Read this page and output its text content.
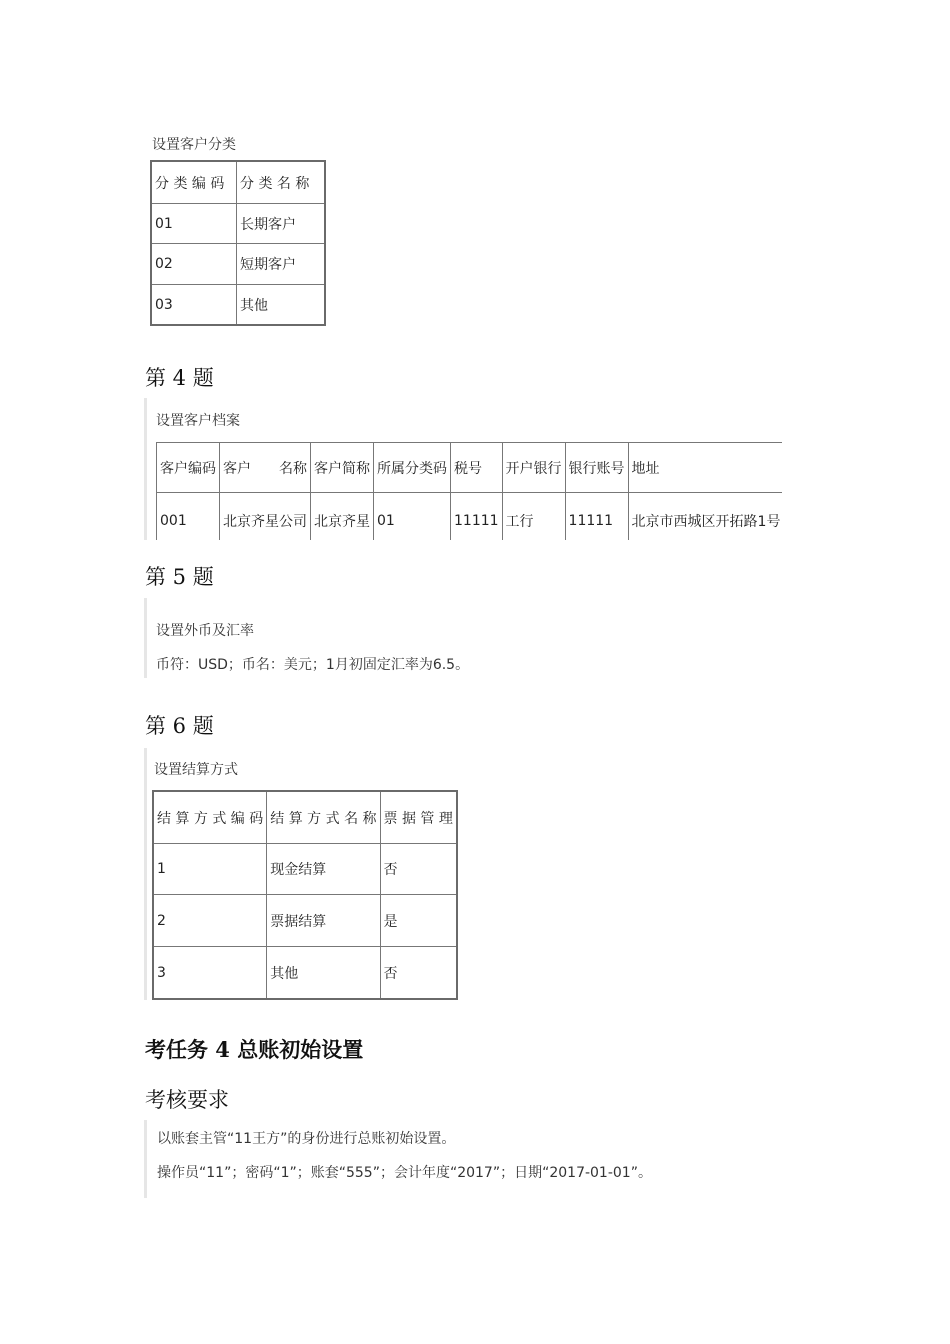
设置客户分类
分 类 编 码	分 类 名 称
01	长期客户
02	短期客户
03	其他
第 4 题
设置客户档案
客户编码	客户 名称	客户简称	所属分类码	税号	开户银行	银行账号	地址
001	北京齐星公司	北京齐星	01	11111	工行	11111	北京市西城区开拓路1号
第 5 题
设置外币及汇率
币符：USD；币名：美元；1月初固定汇率为6.5。
第 6 题
设置结算方式
结 算 方 式 编 码	结 算 方 式 名 称	票 据 管 理
1	现金结算	否
2	票据结算	是
3	其他	否
考任务 4 总账初始设置
考核要求
以账套主管“11王方”的身份进行总账初始设置。
操作员“11”；密码“1”；账套“555”；会计年度“2017”；日期“2017-01-01”。
